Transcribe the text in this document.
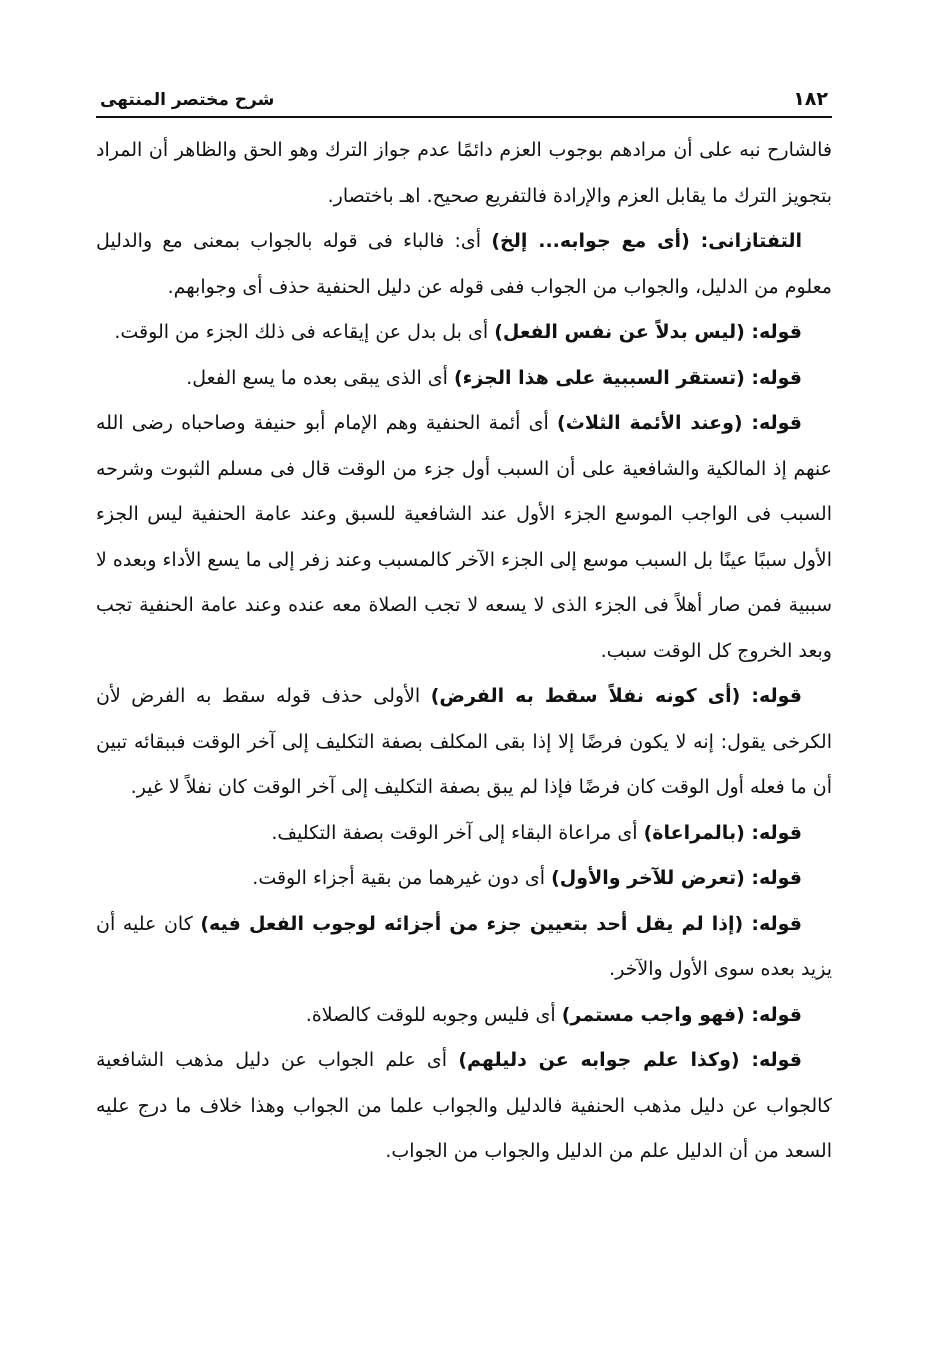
١٨٢
شرح مختصر المنتهى

فالشارح نبه على أن مرادهم بوجوب العزم دائمًا عدم جواز الترك وهو الحق والظاهر أن المراد بتجويز الترك ما يقابل العزم والإرادة فالتفريع صحيح. اهـ باختصار.

التفتازانى: (أى مع جوابه... إلخ) أى: فالباء فى قوله بالجواب بمعنى مع والدليل معلوم من الدليل، والجواب من الجواب ففى قوله عن دليل الحنفية حذف أى وجوابهم.

قوله: (ليس بدلاً عن نفس الفعل) أى بل بدل عن إيقاعه فى ذلك الجزء من الوقت.

قوله: (تستقر السببية على هذا الجزء) أى الذى يبقى بعده ما يسع الفعل.

قوله: (وعند الأئمة الثلاث) أى أئمة الحنفية وهم الإمام أبو حنيفة وصاحباه رضى الله عنهم إذ المالكية والشافعية على أن السبب أول جزء من الوقت قال فى مسلم الثبوت وشرحه السبب فى الواجب الموسع الجزء الأول عند الشافعية للسبق وعند عامة الحنفية ليس الجزء الأول سببًا عينًا بل السبب موسع إلى الجزء الآخر كالمسبب وعند زفر إلى ما يسع الأداء وبعده لا سببية فمن صار أهلاً فى الجزء الذى لا يسعه لا تجب الصلاة معه عنده وعند عامة الحنفية تجب وبعد الخروج كل الوقت سبب.

قوله: (أى كونه نفلاً سقط به الفرض) الأولى حذف قوله سقط به الفرض لأن الكرخى يقول: إنه لا يكون فرضًا إلا إذا بقى المكلف بصفة التكليف إلى آخر الوقت فببقائه تبين أن ما فعله أول الوقت كان فرضًا فإذا لم يبق بصفة التكليف إلى آخر الوقت كان نفلاً لا غير.

قوله: (بالمراعاة) أى مراعاة البقاء إلى آخر الوقت بصفة التكليف.

قوله: (تعرض للآخر والأول) أى دون غيرهما من بقية أجزاء الوقت.

قوله: (إذا لم يقل أحد بتعيين جزء من أجزائه لوجوب الفعل فيه) كان عليه أن يزيد بعده سوى الأول والآخر.

قوله: (فهو واجب مستمر) أى فليس وجوبه للوقت كالصلاة.

قوله: (وكذا علم جوابه عن دليلهم) أى علم الجواب عن دليل مذهب الشافعية كالجواب عن دليل مذهب الحنفية فالدليل والجواب علما من الجواب وهذا خلاف ما درج عليه السعد من أن الدليل علم من الدليل والجواب من الجواب.
